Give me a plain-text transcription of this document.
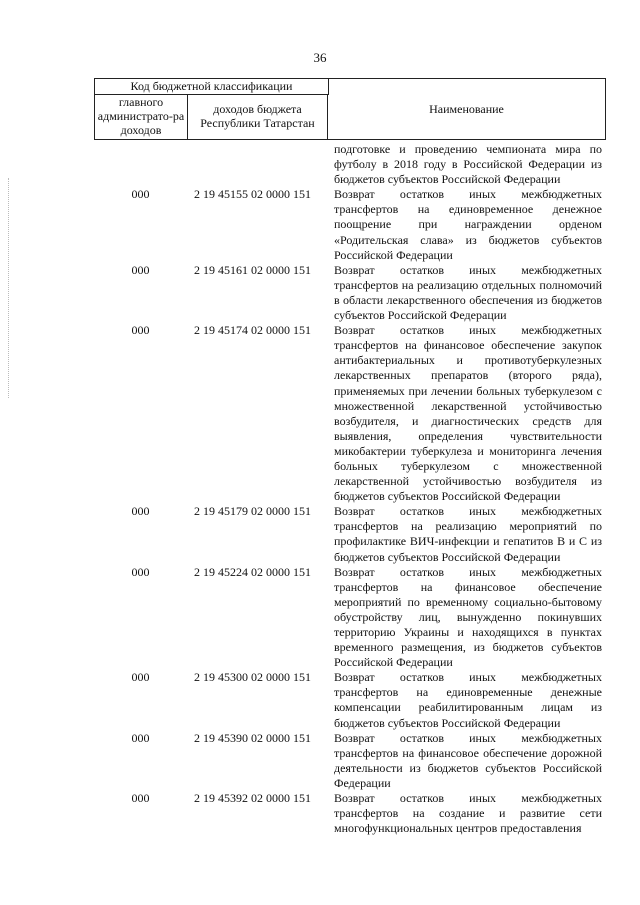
36
Код бюджетной классификации
главного администрато-ра доходов
доходов бюджета Республики Татарстан
Наименование
подготовке и проведению чемпионата мира по футболу в 2018 году в Российской Федерации из бюджетов субъектов Российской Федерации
000	2 19 45155 02 0000 151	Возврат остатков иных межбюджетных трансфертов на единовременное денежное поощрение при награждении орденом «Родительская слава» из бюджетов субъектов Российской Федерации
000	2 19 45161 02 0000 151	Возврат остатков иных межбюджетных трансфертов на реализацию отдельных полномочий в области лекарственного обеспечения из бюджетов субъектов Российской Федерации
000	2 19 45174 02 0000 151	Возврат остатков иных межбюджетных трансфертов на финансовое обеспечение закупок антибактериальных и противотуберкулезных лекарственных препаратов (второго ряда), применяемых при лечении больных туберкулезом с множественной лекарственной устойчивостью возбудителя, и диагностических средств для выявления, определения чувствительности микобактерии туберкулеза и мониторинга лечения больных туберкулезом с множественной лекарственной устойчивостью возбудителя из бюджетов субъектов Российской Федерации
000	2 19 45179 02 0000 151	Возврат остатков иных межбюджетных трансфертов на реализацию мероприятий по профилактике ВИЧ-инфекции и гепатитов В и С из бюджетов субъектов Российской Федерации
000	2 19 45224 02 0000 151	Возврат остатков иных межбюджетных трансфертов на финансовое обеспечение мероприятий по временному социально-бытовому обустройству лиц, вынужденно покинувших территорию Украины и находящихся в пунктах временного размещения, из бюджетов субъектов Российской Федерации
000	2 19 45300 02 0000 151	Возврат остатков иных межбюджетных трансфертов на единовременные денежные компенсации реабилитированным лицам из бюджетов субъектов Российской Федерации
000	2 19 45390 02 0000 151	Возврат остатков иных межбюджетных трансфертов на финансовое обеспечение дорожной деятельности из бюджетов субъектов Российской Федерации
000	2 19 45392 02 0000 151	Возврат остатков иных межбюджетных трансфертов на создание и развитие сети многофункциональных центров предоставления
